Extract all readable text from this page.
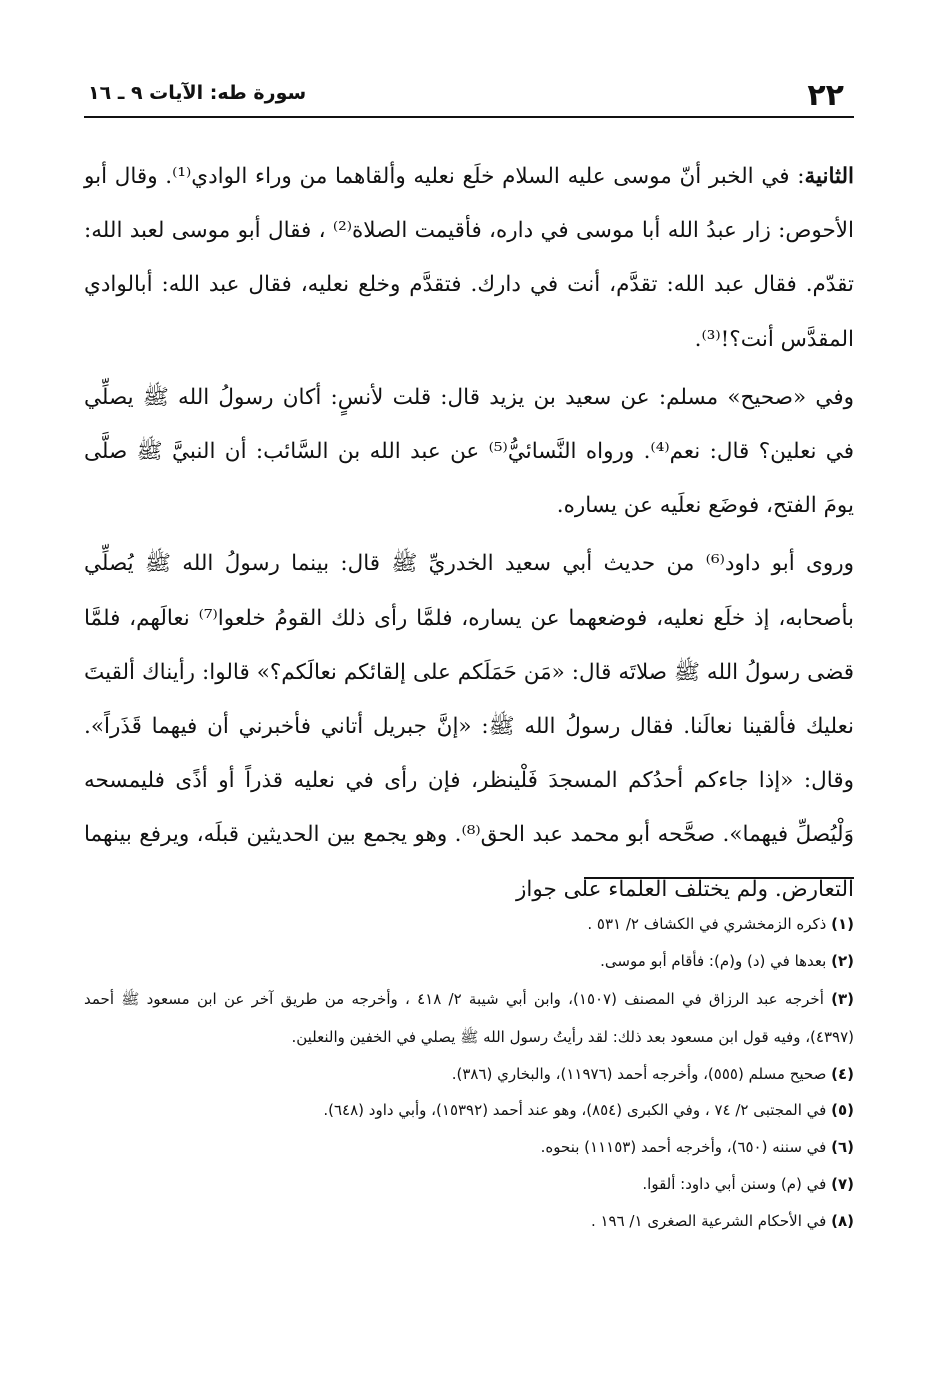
٢٢
سورة طه: الآيات ٩ ـ ١٦

الثانية: في الخبر أنّ موسى عليه السلام خلَع نعليه وألقاهما من وراء الوادي⁽¹⁾. وقال أبو الأحوص: زار عبدُ الله أبا موسى في داره، فأقيمت الصلاة⁽²⁾ ، فقال أبو موسى لعبد الله: تقدّم. فقال عبد الله: تقدَّم، أنت في دارك. فتقدَّم وخلع نعليه، فقال عبد الله: أبالوادي المقدَّس أنت؟!⁽³⁾.

وفي «صحيح» مسلم: عن سعيد بن يزيد قال: قلت لأنسٍ: أكان رسولُ الله ﷺ يصلِّي في نعلين؟ قال: نعم⁽⁴⁾. ورواه النَّسائيُّ⁽⁵⁾ عن عبد الله بن السَّائب: أن النبيَّ ﷺ صلَّى يومَ الفتح، فوضَع نعلَيه عن يساره.

وروى أبو داود⁽⁶⁾ من حديث أبي سعيد الخدريِّ ﷺ قال: بينما رسولُ الله ﷺ يُصلِّي بأصحابه، إذ خلَع نعليه، فوضعهما عن يساره، فلمَّا رأى ذلك القومُ خلعوا⁽⁷⁾ نعالَهم، فلمَّا قضى رسولُ الله ﷺ صلاتَه قال: «مَن حَمَلَكم على إلقائكم نعالَكم؟» قالوا: رأيناك ألقيتَ نعليك فألقينا نعالَنا. فقال رسولُ الله ﷺ: «إنَّ جبريل أتاني فأخبرني أن فيهما قَذَراً». وقال: «إذا جاءكم أحدُكم المسجدَ فَلْينظر، فإن رأى في نعليه قذراً أو أذًى فليمسحه وَلْيُصلِّ فيهما». صحَّحه أبو محمد عبد الحق⁽⁸⁾. وهو يجمع بين الحديثين قبلَه، ويرفع بينهما التعارض. ولم يختلف العلماء على جواز

(١) ذكره الزمخشري في الكشاف ٢/ ٥٣١ .

(٢) بعدها في (د) و(م): فأقام أبو موسى.

(٣) أخرجه عبد الرزاق في المصنف (١٥٠٧)، وابن أبي شيبة ٢/ ٤١٨ ، وأخرجه من طريق آخر عن ابن مسعود ﷺ أحمد (٤٣٩٧)، وفيه قول ابن مسعود بعد ذلك: لقد رأيتُ رسول الله ﷺ يصلي في الخفين والنعلين.

(٤) صحيح مسلم (٥٥٥)، وأخرجه أحمد (١١٩٧٦)، والبخاري (٣٨٦).

(٥) في المجتبى ٢/ ٧٤ ، وفي الكبرى (٨٥٤)، وهو عند أحمد (١٥٣٩٢)، وأبي داود (٦٤٨).

(٦) في سننه (٦٥٠)، وأخرجه أحمد (١١١٥٣) بنحوه.

(٧) في (م) وسنن أبي داود: ألقوا.

(٨) في الأحكام الشرعية الصغرى ١/ ١٩٦ .
